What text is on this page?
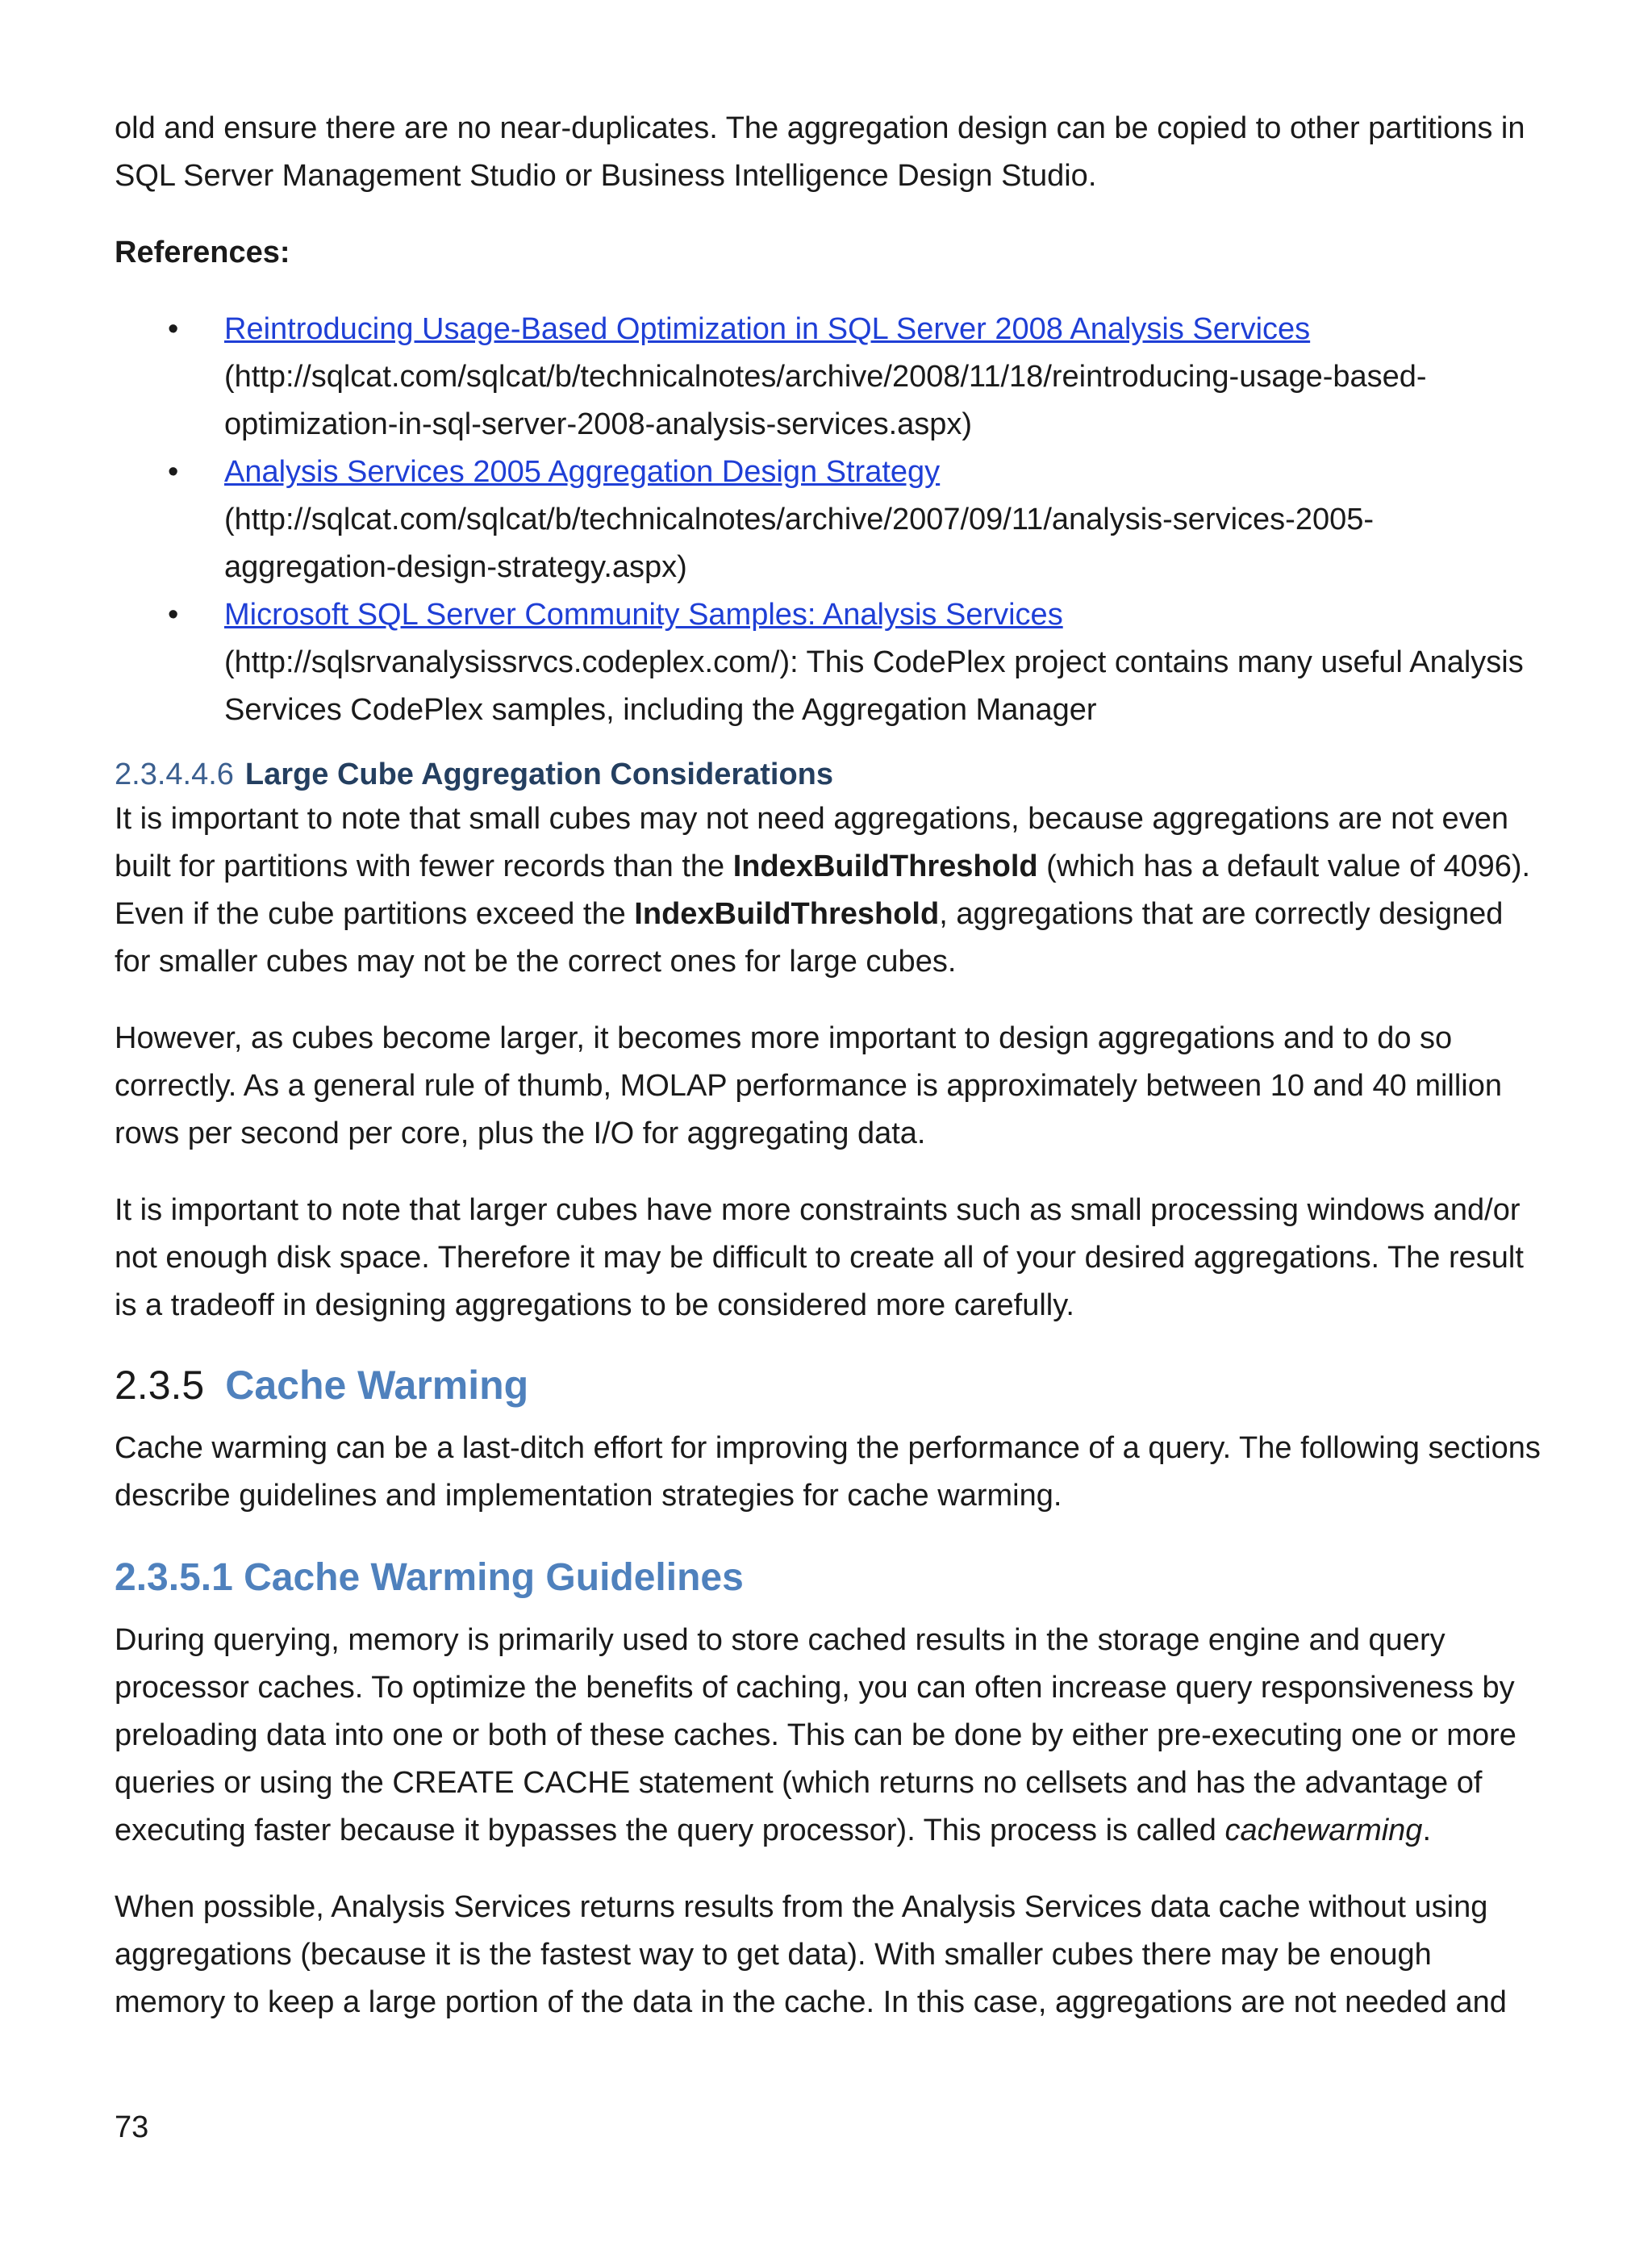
old and ensure there are no near-duplicates. The aggregation design can be copied to other partitions in SQL Server Management Studio or Business Intelligence Design Studio.

References:

• Reintroducing Usage-Based Optimization in SQL Server 2008 Analysis Services
(http://sqlcat.com/sqlcat/b/technicalnotes/archive/2008/11/18/reintroducing-usage-based-optimization-in-sql-server-2008-analysis-services.aspx)
• Analysis Services 2005 Aggregation Design Strategy
(http://sqlcat.com/sqlcat/b/technicalnotes/archive/2007/09/11/analysis-services-2005-aggregation-design-strategy.aspx)
• Microsoft SQL Server Community Samples: Analysis Services
(http://sqlsrvanalysissrvcs.codeplex.com/): This CodePlex project contains many useful Analysis Services CodePlex samples, including the Aggregation Manager
2.3.4.4.6 Large Cube Aggregation Considerations

It is important to note that small cubes may not need aggregations, because aggregations are not even built for partitions with fewer records than the IndexBuildThreshold (which has a default value of 4096). Even if the cube partitions exceed the IndexBuildThreshold, aggregations that are correctly designed for smaller cubes may not be the correct ones for large cubes.

However, as cubes become larger, it becomes more important to design aggregations and to do so correctly. As a general rule of thumb, MOLAP performance is approximately between 10 and 40 million rows per second per core, plus the I/O for aggregating data.

It is important to note that larger cubes have more constraints such as small processing windows and/or not enough disk space. Therefore it may be difficult to create all of your desired aggregations. The result is a tradeoff in designing aggregations to be considered more carefully.

2.3.5 Cache Warming

Cache warming can be a last-ditch effort for improving the performance of a query. The following sections describe guidelines and implementation strategies for cache warming.

2.3.5.1 Cache Warming Guidelines

During querying, memory is primarily used to store cached results in the storage engine and query processor caches. To optimize the benefits of caching, you can often increase query responsiveness by preloading data into one or both of these caches. This can be done by either pre-executing one or more queries or using the CREATE CACHE statement (which returns no cellsets and has the advantage of executing faster because it bypasses the query processor). This process is called cachewarming.

When possible, Analysis Services returns results from the Analysis Services data cache without using aggregations (because it is the fastest way to get data). With smaller cubes there may be enough memory to keep a large portion of the data in the cache. In this case, aggregations are not needed and

73
